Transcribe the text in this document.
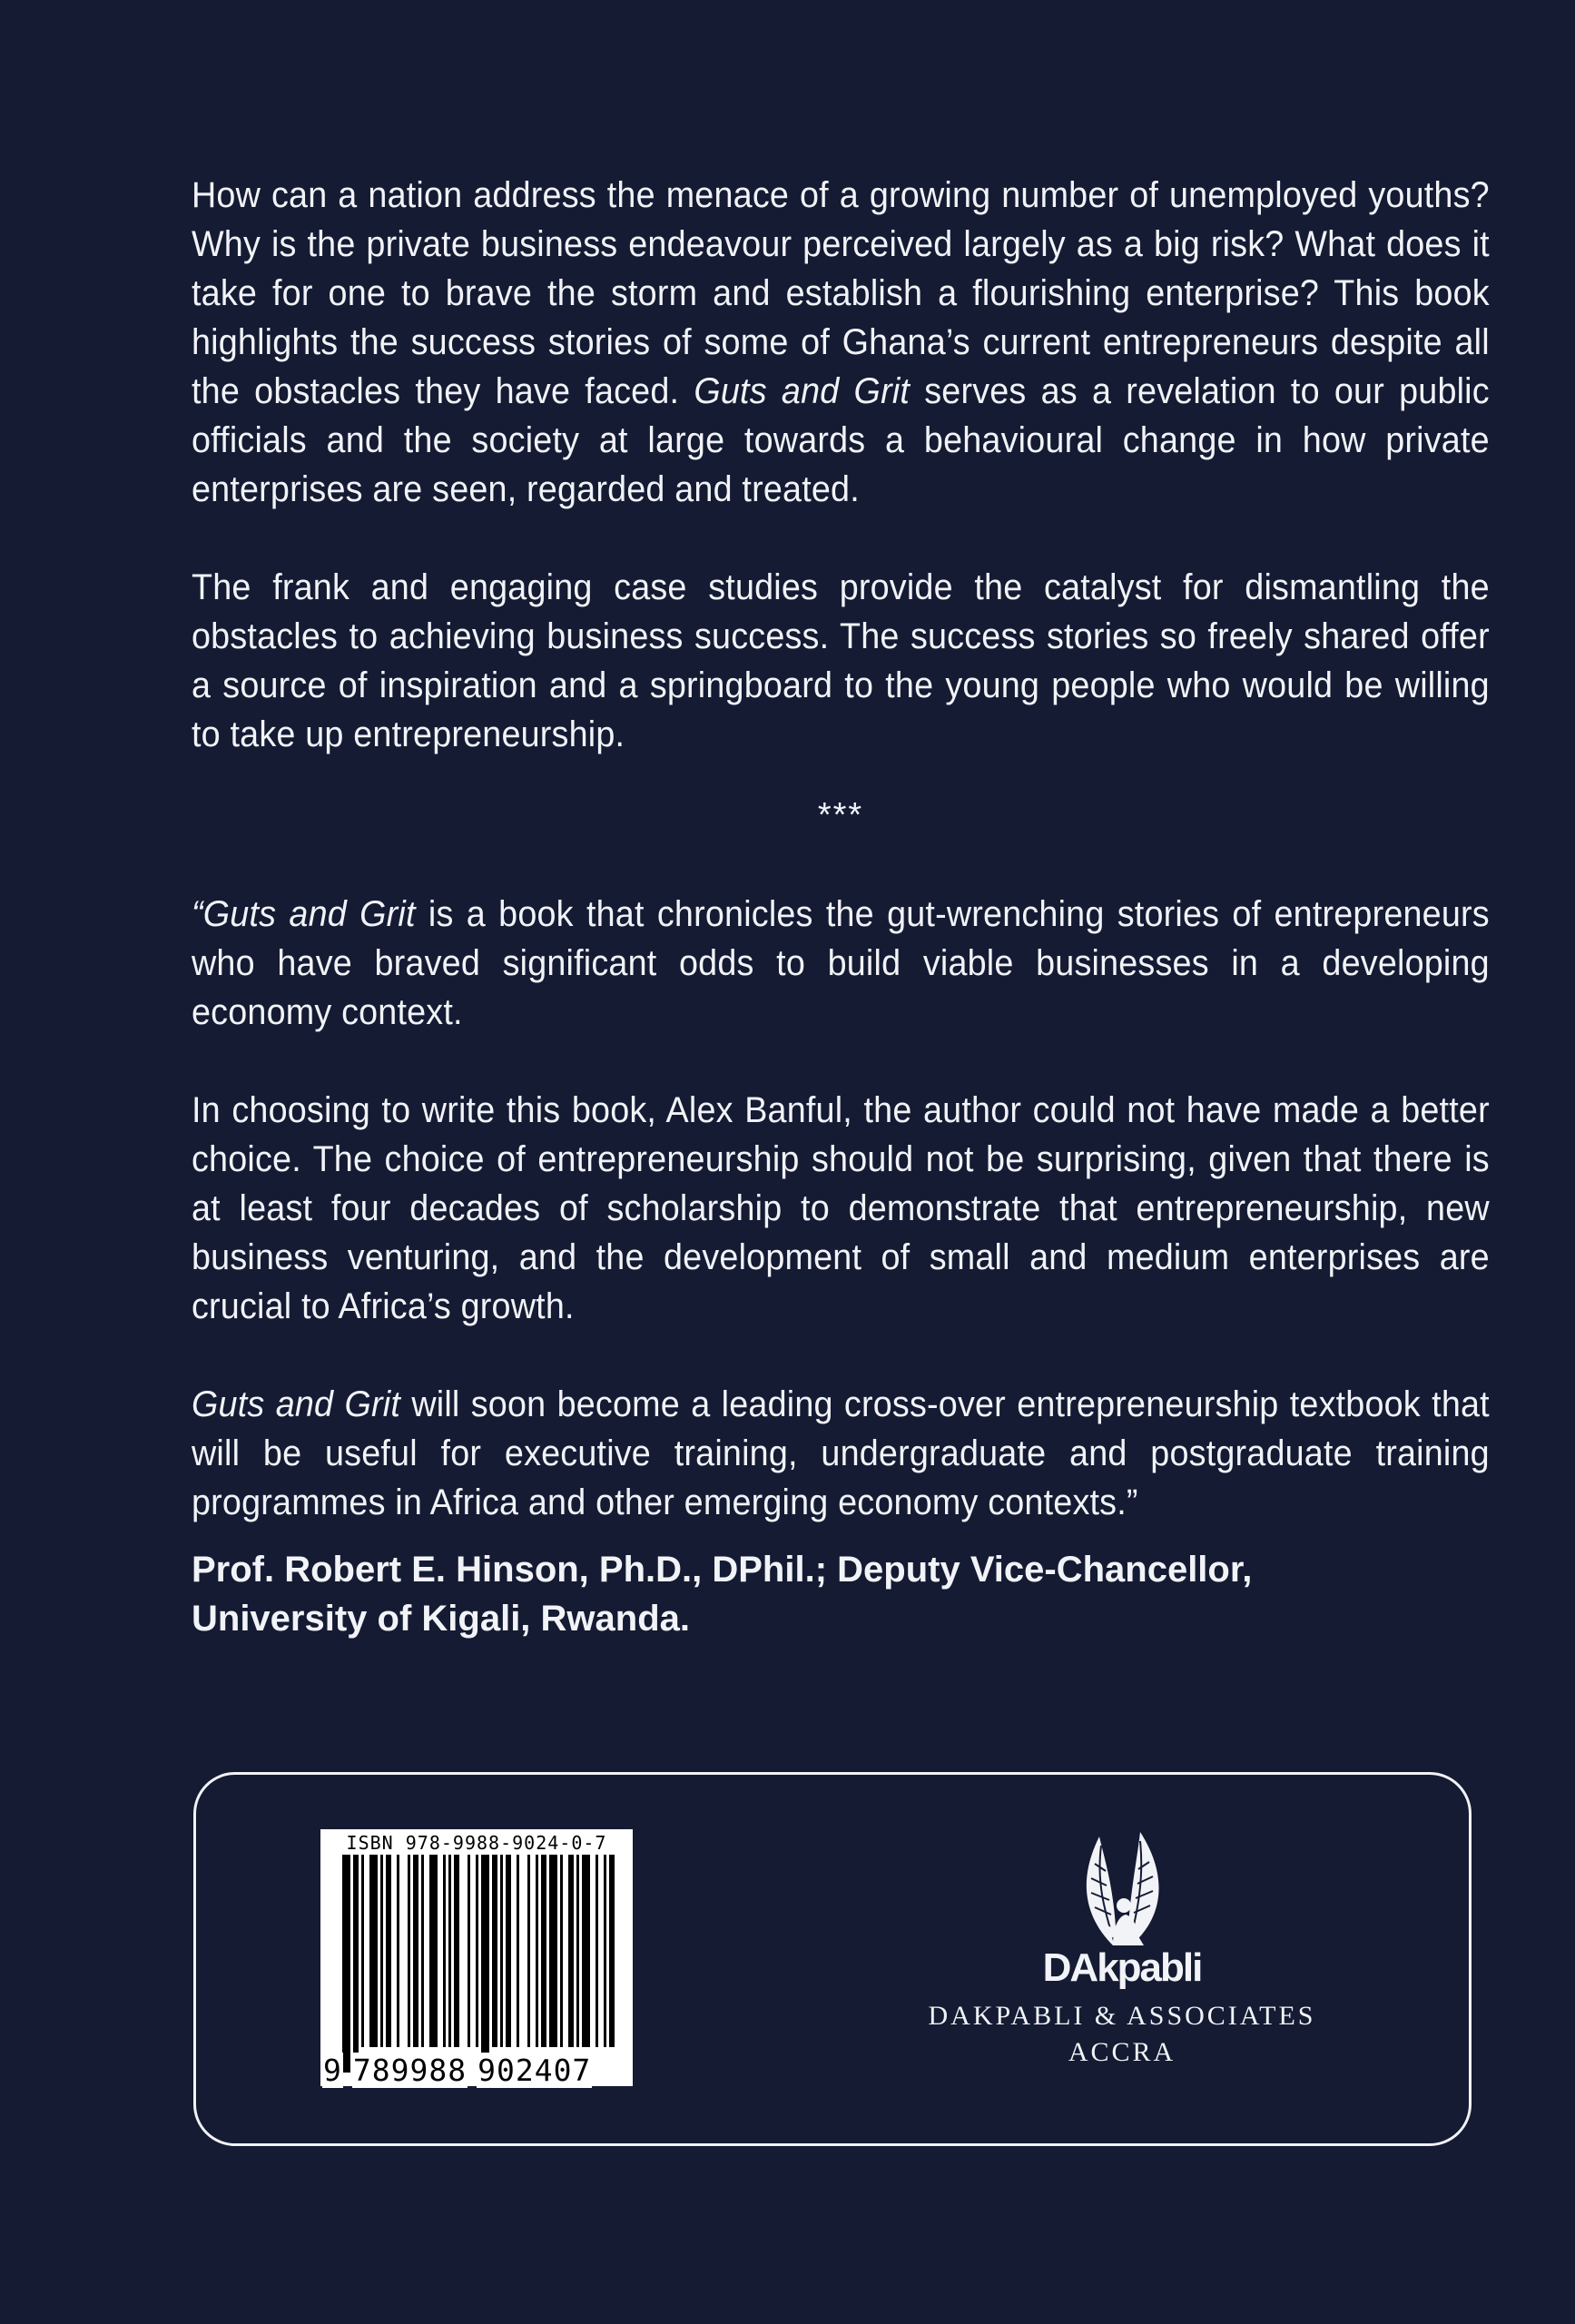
How can a nation address the menace of a growing number of unemployed youths? Why is the private business endeavour perceived largely as a big risk? What does it take for one to brave the storm and establish a flourishing enterprise? This book highlights the success stories of some of Ghana’s current entrepreneurs despite all the obstacles they have faced. Guts and Grit serves as a revelation to our public officials and the society at large towards a behavioural change in how private enterprises are seen, regarded and treated.

The frank and engaging case studies provide the catalyst for dismantling the obstacles to achieving business success. The success stories so freely shared offer a source of inspiration and a springboard to the young people who would be willing to take up entrepreneurship.

***

“Guts and Grit is a book that chronicles the gut-wrenching stories of entrepreneurs who have braved significant odds to build viable businesses in a developing economy context.

In choosing to write this book, Alex Banful, the author could not have made a better choice. The choice of entrepreneurship should not be surprising, given that there is at least four decades of scholarship to demonstrate that entrepreneurship, new business venturing, and the development of small and medium enterprises are crucial to Africa’s growth.

Guts and Grit will soon become a leading cross-over entrepreneurship textbook that will be useful for executive training, undergraduate and postgraduate training programmes in Africa and other emerging economy contexts.”

Prof. Robert E. Hinson, Ph.D., DPhil.; Deputy Vice-Chancellor,
University of Kigali, Rwanda.
ISBN 978-9988-9024-0-7
9 789988 902407
DAkpabli
DAKPABLI & ASSOCIATES
ACCRA
